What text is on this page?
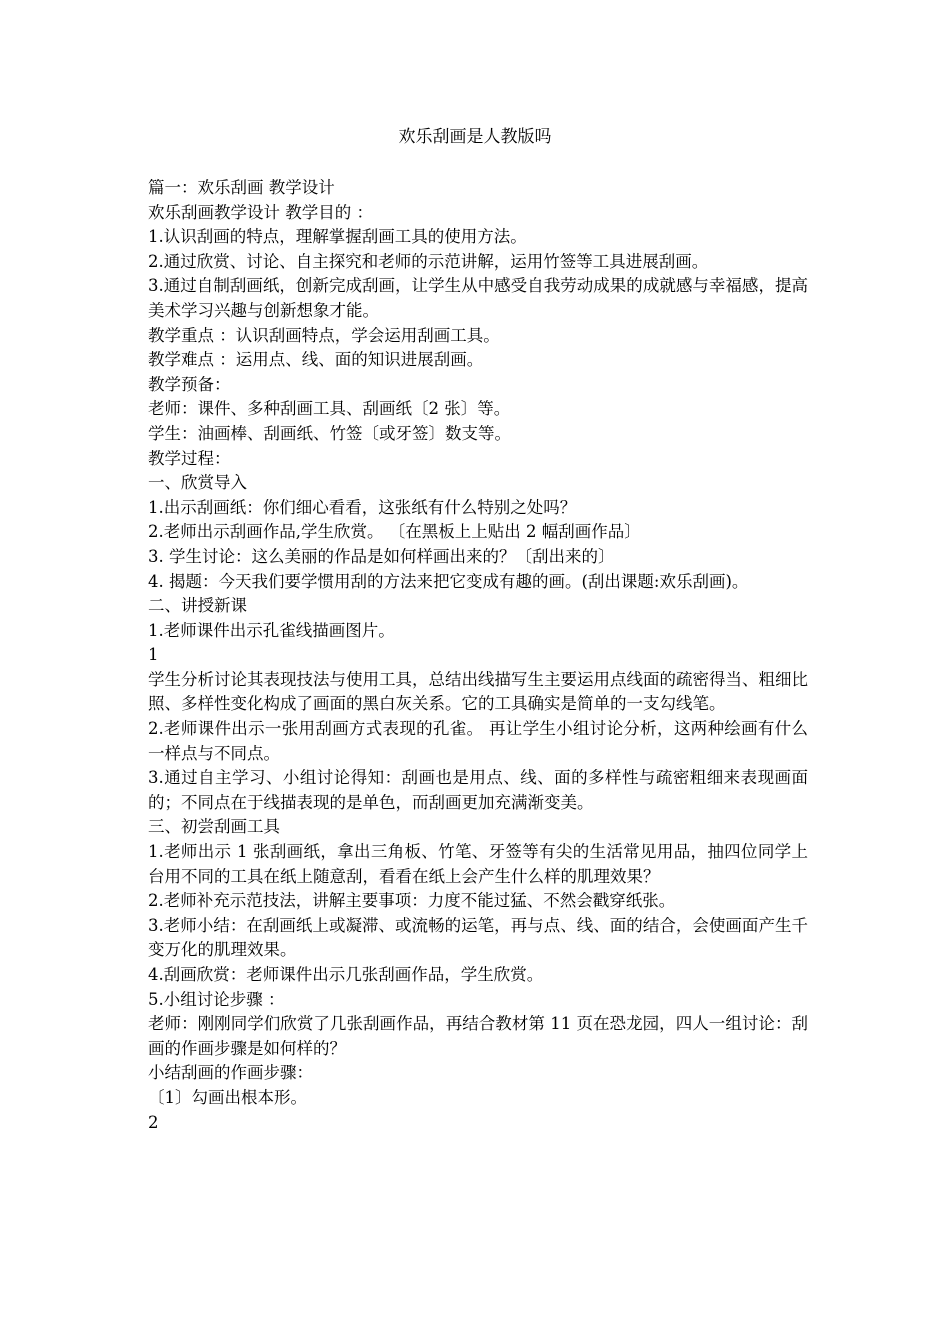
欢乐刮画是人教版吗

篇一：欢乐刮画 教学设计

欢乐刮画教学设计 教学目的 ：

1.认识刮画的特点，理解掌握刮画工具的使用方法。

2.通过欣赏、讨论、自主探究和老师的示范讲解，运用竹签等工具进展刮画。

3.通过自制刮画纸，创新完成刮画，让学生从中感受自我劳动成果的成就感与幸福感，提高美术学习兴趣与创新想象才能。

教学重点 ：认识刮画特点，学会运用刮画工具。

教学难点 ：运用点、线、面的知识进展刮画。

教学预备：

老师：课件、多种刮画工具、刮画纸〔2 张〕等。

学生：油画棒、刮画纸、竹签〔或牙签〕数支等。

教学过程：

一、欣赏导入

1.出示刮画纸：你们细心看看，这张纸有什么特别之处吗？

2.老师出示刮画作品,学生欣赏。 〔在黑板上上贴出 2 幅刮画作品〕

3. 学生讨论：这么美丽的作品是如何样画出来的？〔刮出来的〕

4. 揭题：今天我们要学惯用刮的方法来把它变成有趣的画。(刮出课题:欢乐刮画)。

二、讲授新课

1.老师课件出示孔雀线描画图片。

1

学生分析讨论其表现技法与使用工具，总结出线描写生主要运用点线面的疏密得当、粗细比照、多样性变化构成了画面的黑白灰关系。它的工具确实是简单的一支勾线笔。

2.老师课件出示一张用刮画方式表现的孔雀。 再让学生小组讨论分析，这两种绘画有什么一样点与不同点。

3.通过自主学习、小组讨论得知：刮画也是用点、线、面的多样性与疏密粗细来表现画面的；不同点在于线描表现的是单色，而刮画更加充满渐变美。

三、初尝刮画工具

1.老师出示 1 张刮画纸，拿出三角板、竹笔、牙签等有尖的生活常见用品，抽四位同学上台用不同的工具在纸上随意刮，看看在纸上会产生什么样的肌理效果？

2.老师补充示范技法，讲解主要事项：力度不能过猛、不然会戳穿纸张。

3.老师小结：在刮画纸上或凝滞、或流畅的运笔，再与点、线、面的结合，会使画面产生千变万化的肌理效果。

4.刮画欣赏：老师课件出示几张刮画作品，学生欣赏。

5.小组讨论步骤 ：

老师：刚刚同学们欣赏了几张刮画作品，再结合教材第 11 页在恐龙园，四人一组讨论：刮画的作画步骤是如何样的？

小结刮画的作画步骤：

〔1〕勾画出根本形。

2
